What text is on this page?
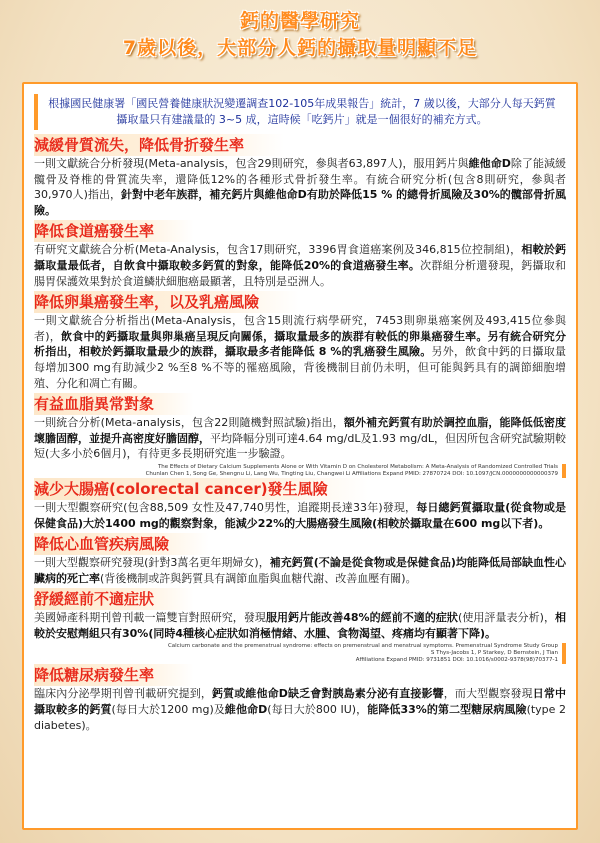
鈣的醫學研究
7歲以後，大部分人鈣的攝取量明顯不足

根據國民健康署「國民營養健康狀況變遷調查102-105年成果報告」統計，7 歲以後，大部分人每天鈣質攝取量只有建議量的 3~5 成，這時候「吃鈣片」就是一個很好的補充方式。

減緩骨質流失，降低骨折發生率

一則文獻統合分析發現(Meta-analysis，包含29則研究，參與者63,897人)，服用鈣片與維他命D除了能減緩髖骨及脊椎的骨質流失率，還降低12%的各種形式骨折發生率。有統合研究分析(包含8則研究，參與者30,970人)指出，針對中老年族群，補充鈣片與維他命D有助於降低15 % 的總骨折風險及30%的髖部骨折風險。

降低食道癌發生率

有研究文獻統合分析(Meta-Analysis，包含17則研究，3396胃食道癌案例及346,815位控制組)，相較於鈣攝取量最低者，自飲食中攝取較多鈣質的對象，能降低20%的食道癌發生率。次群組分析還發現，鈣攝取和腸胃保護效果對於食道鱗狀細胞癌最顯著，且特別是亞洲人。

降低卵巢癌發生率，以及乳癌風險

一則文獻統合分析指出(Meta-Analysis，包含15則流行病學研究，7453則卵巢癌案例及493,415位參與者)，飲食中的鈣攝取量與卵巢癌呈現反向關係，攝取量最多的族群有較低的卵巢癌發生率。另有統合研究分析指出，相較於鈣攝取量最少的族群，攝取最多者能降低 8 %的乳癌發生風險。另外，飲食中鈣的日攝取量每增加300 mg有助減少2 %至8 %不等的罹癌風險，背後機制目前仍未明，但可能與鈣具有的調節細胞增殖、分化和凋亡有關。

有益血脂異常對象

一則統合分析(Meta-analysis，包含22則隨機對照試驗)指出，額外補充鈣質有助於調控血脂，能降低低密度壞膽固醇，並提升高密度好膽固醇，平均降幅分別可達4.64 mg/dL及1.93 mg/dL，但因所包含研究試驗期較短(大多小於6個月)，有待更多長期研究進一步驗證。

The Effects of Dietary Calcium Supplements Alone or With Vitamin D on Cholesterol Metabolism: A Meta-Analysis of Randomized Controlled Trials
Chunlan Chen 1, Song Ge, Shengnu Li, Lang Wu, Tingting Liu, Changwei Li Affiliations Expand PMID: 27870724 DOI: 10.1097/JCN.0000000000000379
減少大腸癌(colorectal cancer)發生風險

一則大型觀察研究(包含88,509 女性及47,740男性，追蹤期長達33年)發現，每日總鈣質攝取量(從食物或是保健食品)大於1400 mg的觀察對象，能減少22%的大腸癌發生風險(相較於攝取量在600 mg以下者)。

降低心血管疾病風險

一則大型觀察研究發現(針對3萬名更年期婦女)，補充鈣質(不論是從食物或是保健食品)均能降低局部缺血性心臟病的死亡率(背後機制或許與鈣質具有調節血脂與血糖代謝、改善血壓有關)。

舒緩經前不適症狀

美國婦產科期刊曾刊載一篇雙盲對照研究，發現服用鈣片能改善48%的經前不適的症狀(使用評量表分析)，相較於安慰劑組只有30%(同時4種核心症狀如消極情緒、水腫、食物渴望、疼痛均有顯著下降)。

Calcium carbonate and the premenstrual syndrome: effects on premenstrual and menstrual symptoms. Premenstrual Syndrome Study Group
S Thys-Jacobs 1, P Starkey, D Bernstein, J Tian
Affiliations Expand PMID: 9731851 DOI: 10.1016/s0002-9378(98)70377-1
降低糖尿病發生率

臨床內分泌學期刊曾刊載研究提到，鈣質或維他命D缺乏會對胰島素分泌有直接影響，而大型觀察發現日常中攝取較多的鈣質(每日大於1200 mg)及維他命D(每日大於800 IU)，能降低33%的第二型糖尿病風險(type 2 diabetes)。
